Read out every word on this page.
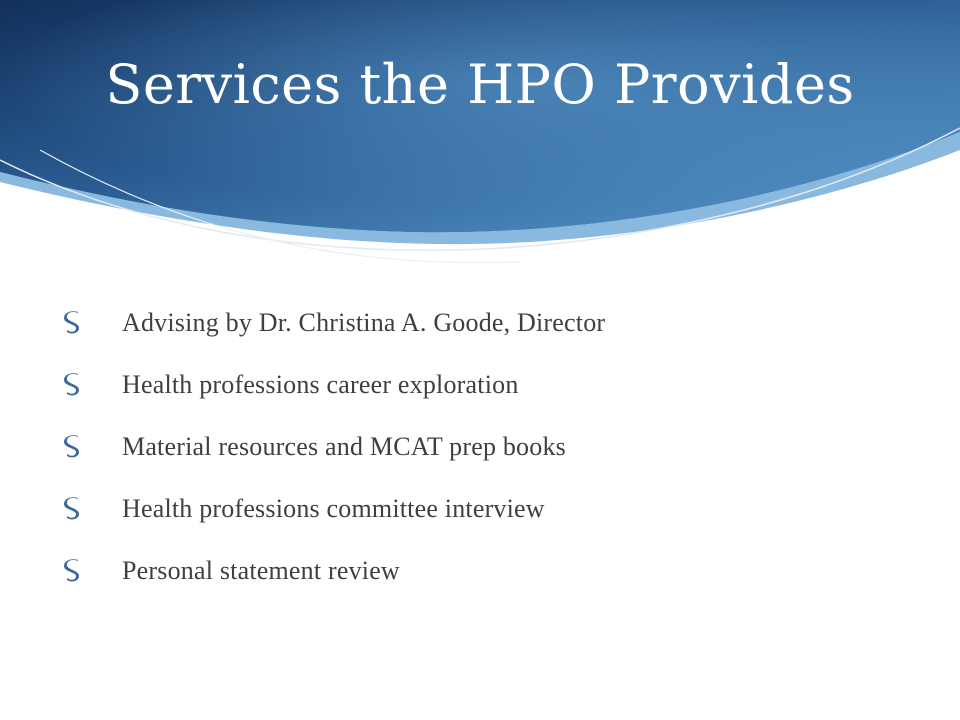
Services the HPO Provides
Advising by Dr. Christina A. Goode, Director
Health professions career exploration
Material resources and MCAT prep books
Health professions committee interview
Personal statement review
